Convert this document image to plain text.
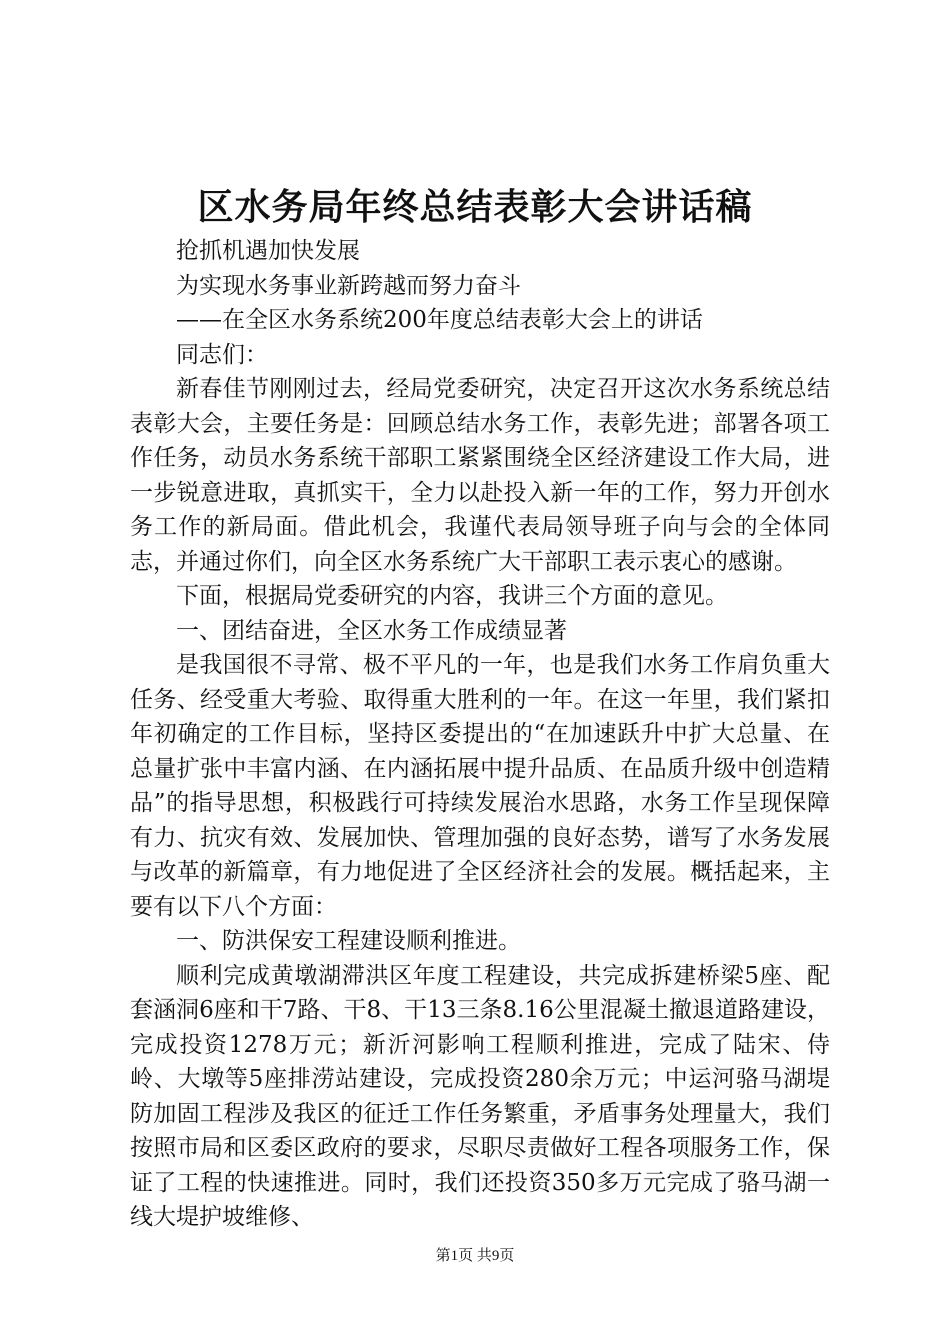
区水务局年终总结表彰大会讲话稿

抢抓机遇加快发展

为实现水务事业新跨越而努力奋斗

——在全区水务系统200年度总结表彰大会上的讲话

同志们：

新春佳节刚刚过去，经局党委研究，决定召开这次水务系统总结表彰大会，主要任务是：回顾总结水务工作，表彰先进；部署各项工作任务，动员水务系统干部职工紧紧围绕全区经济建设工作大局，进一步锐意进取，真抓实干，全力以赴投入新一年的工作，努力开创水务工作的新局面。借此机会，我谨代表局领导班子向与会的全体同志，并通过你们，向全区水务系统广大干部职工表示衷心的感谢。

下面，根据局党委研究的内容，我讲三个方面的意见。

一、团结奋进，全区水务工作成绩显著

是我国很不寻常、极不平凡的一年，也是我们水务工作肩负重大任务、经受重大考验、取得重大胜利的一年。在这一年里，我们紧扣年初确定的工作目标，坚持区委提出的“在加速跃升中扩大总量、在总量扩张中丰富内涵、在内涵拓展中提升品质、在品质升级中创造精品”的指导思想，积极践行可持续发展治水思路，水务工作呈现保障有力、抗灾有效、发展加快、管理加强的良好态势，谱写了水务发展与改革的新篇章，有力地促进了全区经济社会的发展。概括起来，主要有以下八个方面：

一、防洪保安工程建设顺利推进。

顺利完成黄墩湖滞洪区年度工程建设，共完成拆建桥梁5座、配套涵洞6座和干7路、干8、干13三条8.16公里混凝土撤退道路建设，完成投资1278万元；新沂河影响工程顺利推进，完成了陆宋、侍岭、大墩等5座排涝站建设，完成投资280余万元；中运河骆马湖堤防加固工程涉及我区的征迁工作任务繁重，矛盾事务处理量大，我们按照市局和区委区政府的要求，尽职尽责做好工程各项服务工作，保证了工程的快速推进。同时，我们还投资350多万元完成了骆马湖一线大堤护坡维修、

第1页 共9页
